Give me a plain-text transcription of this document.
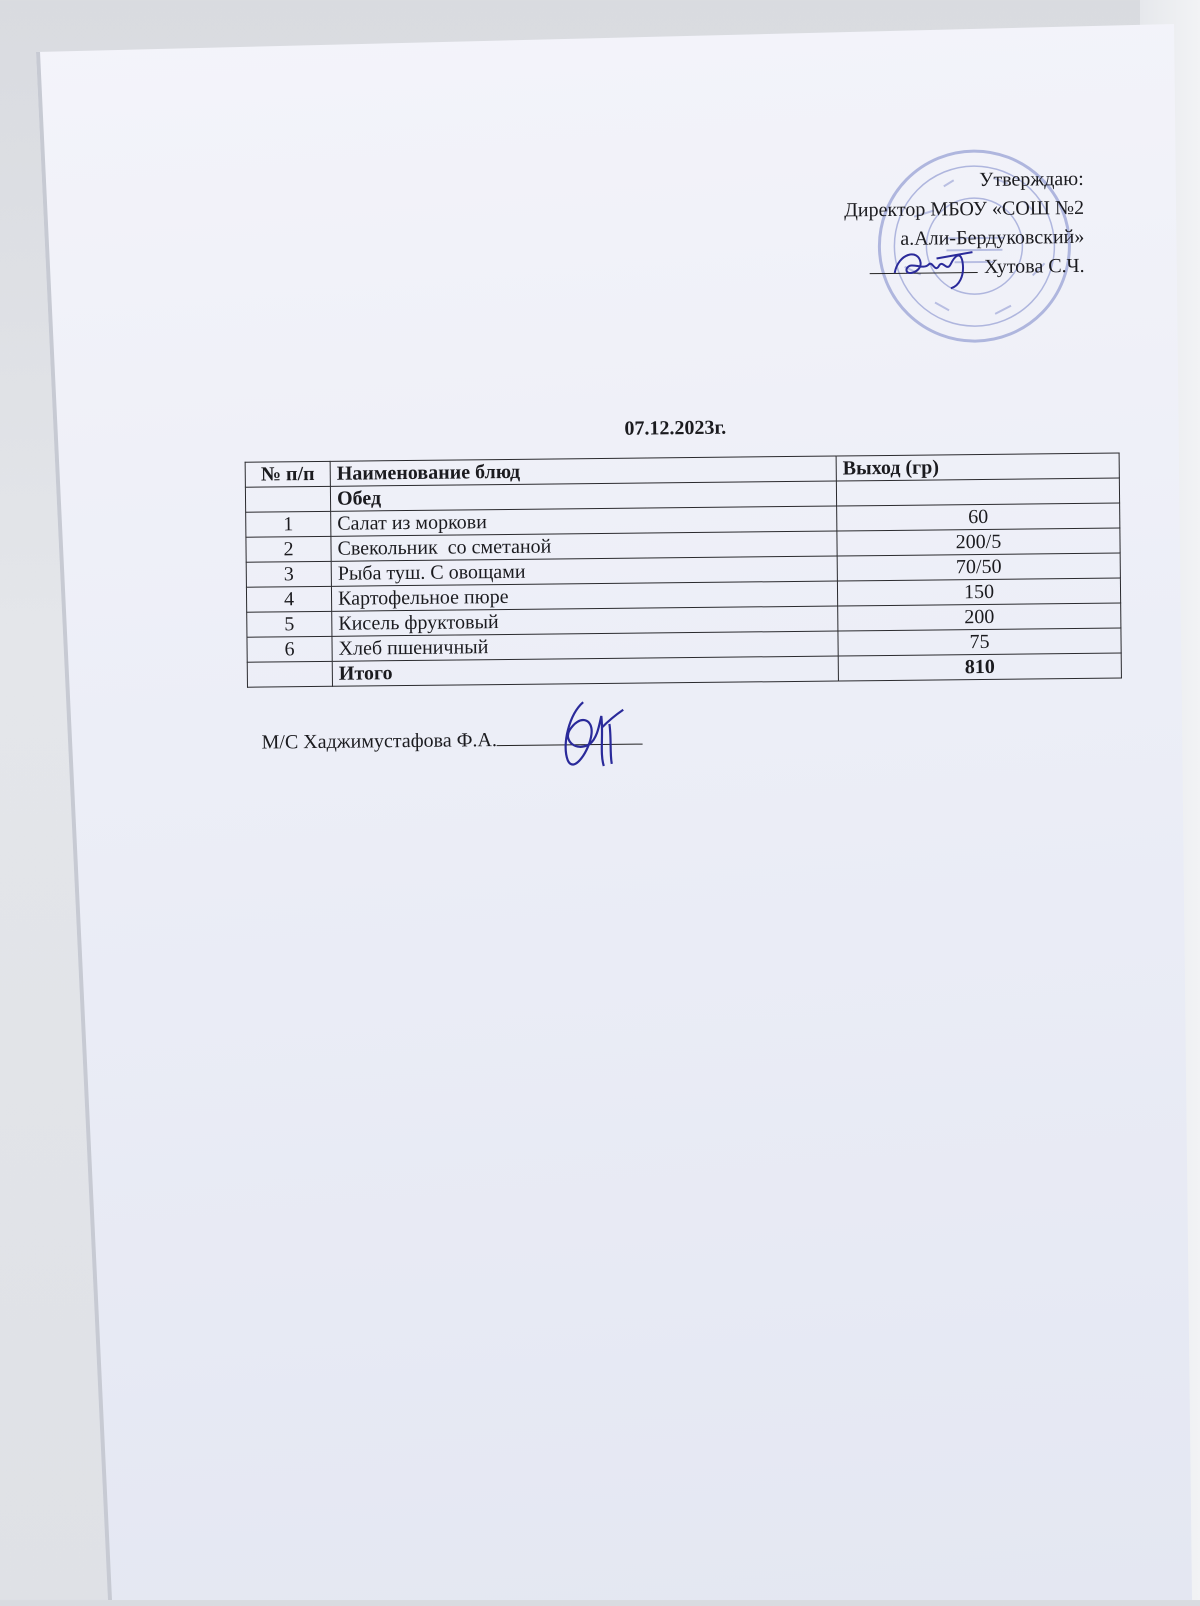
Утверждаю:
Директор МБОУ «СОШ №2
а.Али-Бердуковский»
Хутова С.Ч.
07.12.2023г.
№ п/п	Наименование блюд	Выход (гр)
	Обед	
1	Салат из моркови	60
2	Свекольник  со сметаной	200/5
3	Рыба туш. С овощами	70/50
4	Картофельное пюре	150
5	Кисель фруктовый	200
6	Хлеб пшеничный	75
	Итого	810
М/С Хаджимустафова Ф.А.
